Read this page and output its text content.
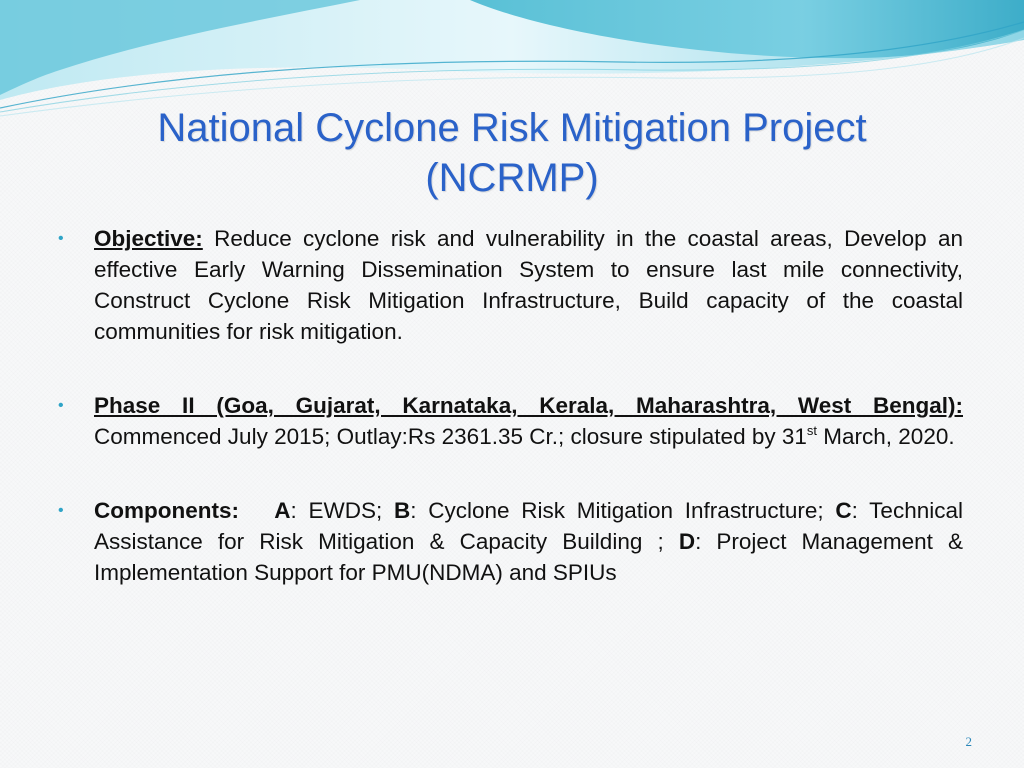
National Cyclone Risk Mitigation Project
(NCRMP)
• Objective: Reduce cyclone risk and vulnerability in the coastal areas, Develop an effective Early Warning Dissemination System to ensure last mile connectivity, Construct Cyclone Risk Mitigation Infrastructure, Build capacity of the coastal communities for risk mitigation.
• Phase II (Goa, Gujarat, Karnataka, Kerala, Maharashtra, West Bengal): Commenced July 2015; Outlay:Rs 2361.35 Cr.; closure stipulated by 31st March, 2020.
• Components: A: EWDS; B: Cyclone Risk Mitigation Infrastructure; C: Technical Assistance for Risk Mitigation & Capacity Building ; D: Project Management & Implementation Support for PMU(NDMA) and SPIUs
2
